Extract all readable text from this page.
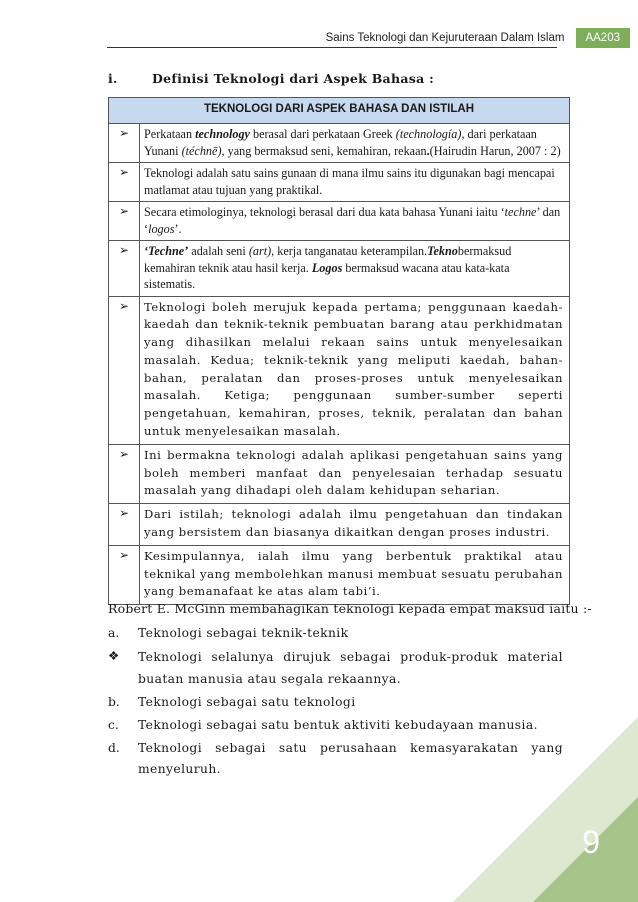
Sains Teknologi dan Kejuruteraan Dalam Islam	AA203
i.	Definisi Teknologi dari Aspek Bahasa :
TEKNOLOGI DARI ASPEK BAHASA DAN ISTILAH	
➢	Perkataan technology berasal dari perkataan Greek (technología), dari perkataan Yunani (téchnē), yang bermaksud seni, kemahiran, rekaan.(Hairudin Harun, 2007 : 2)
➢	Teknologi adalah satu sains gunaan di mana ilmu sains itu digunakan bagi mencapai matlamat atau tujuan yang praktikal.
➢	Secara etimologinya, teknologi berasal dari dua kata bahasa Yunani iaitu ‘techne’ dan ‘logos’.
➢	‘Techne’ adalah seni (art), kerja tanganatau keterampilan.Teknobermaksud kemahiran teknik atau hasil kerja. Logos bermaksud wacana atau kata-kata sistematis.
➢	Teknologi boleh merujuk kepada pertama; penggunaan kaedah-kaedah dan teknik-teknik pembuatan barang atau perkhidmatan yang dihasilkan melalui rekaan sains untuk menyelesaikan masalah. Kedua; teknik-teknik yang meliputi kaedah, bahan-bahan, peralatan dan proses-proses untuk menyelesaikan masalah. Ketiga; penggunaan sumber-sumber seperti pengetahuan, kemahiran, proses, teknik, peralatan dan bahan untuk menyelesaikan masalah.
➢	Ini bermakna teknologi adalah aplikasi pengetahuan sains yang boleh memberi manfaat dan penyelesaian terhadap sesuatu masalah yang dihadapi oleh dalam kehidupan seharian.
➢	Dari istilah; teknologi adalah ilmu pengetahuan dan tindakan yang bersistem dan biasanya dikaitkan dengan proses industri.
➢	Kesimpulannya, ialah ilmu yang berbentuk praktikal atau teknikal yang membolehkan manusi membuat sesuatu perubahan yang bemanafaat ke atas alam tabi’i.
Robert E. McGinn membahagikan teknologi kepada empat maksud iaitu :-
a.	Teknologi sebagai teknik-teknik
❖	Teknologi selalunya dirujuk sebagai produk-produk material buatan manusia atau segala rekaannya.
b.	Teknologi sebagai satu teknologi
c.	Teknologi sebagai satu bentuk aktiviti kebudayaan manusia.
d.	Teknologi sebagai satu perusahaan kemasyarakatan yang menyeluruh.
9
